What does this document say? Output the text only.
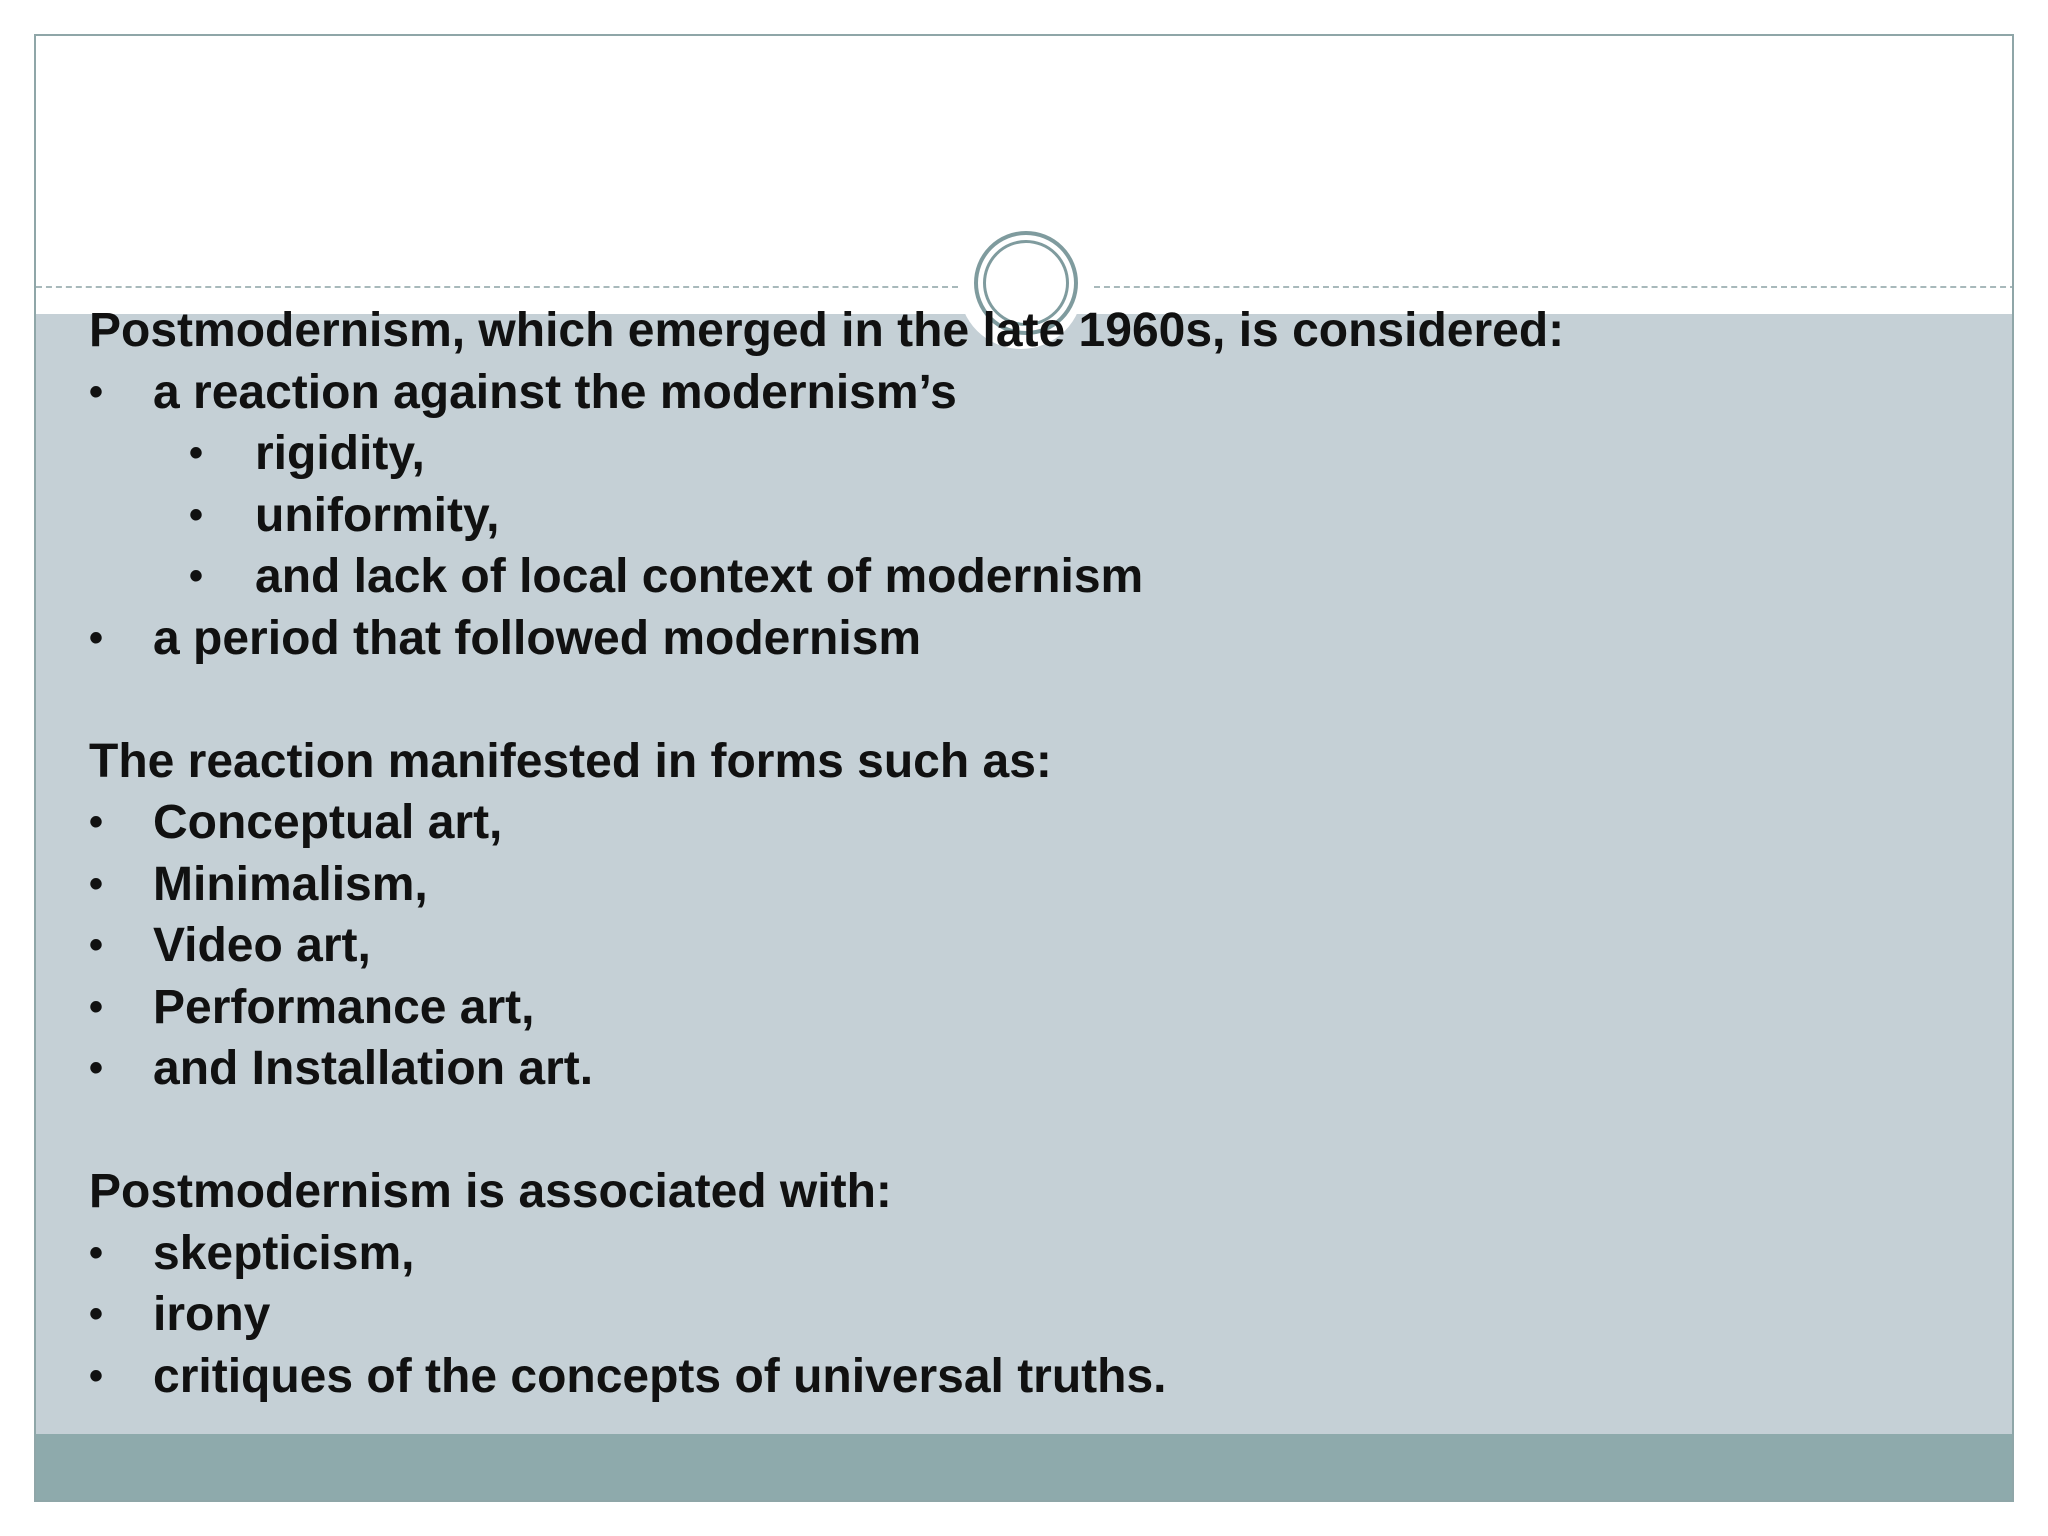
Postmodernism, which emerged in the late 1960s, is considered:
• a reaction against the modernism’s
• rigidity,
• uniformity,
• and lack of local context of modernism
• a period that followed modernism
The reaction manifested in forms such as:
• Conceptual art,
• Minimalism,
• Video art,
• Performance art,
• and Installation art.
Postmodernism is associated with:
• skepticism,
• irony
• critiques of the concepts of universal truths.
